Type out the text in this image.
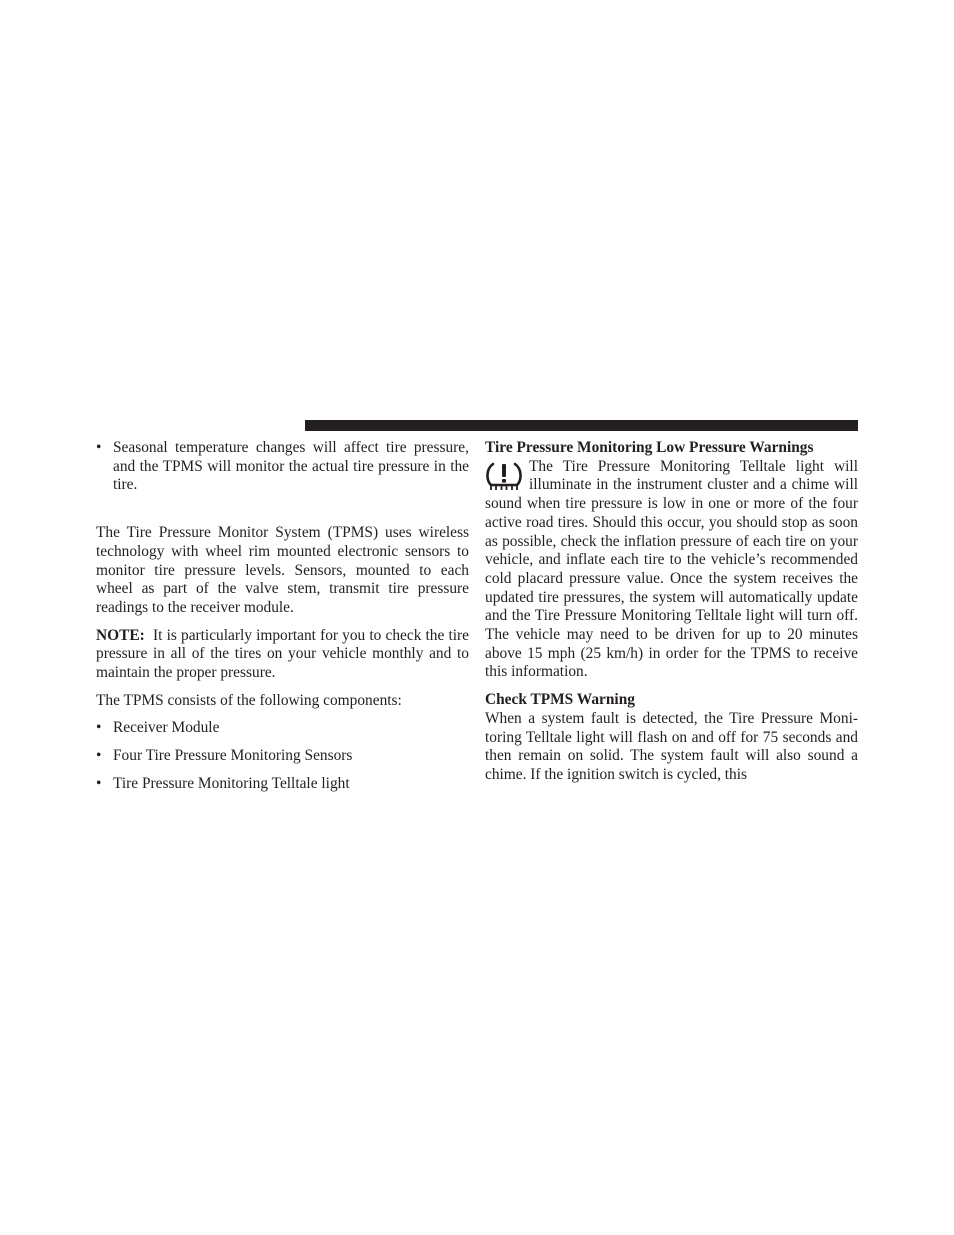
• Seasonal temperature changes will affect tire pressure, and the TPMS will monitor the actual tire pressure in the tire.

The Tire Pressure Monitor System (TPMS) uses wireless technology with wheel rim mounted electronic sensors to monitor tire pressure levels. Sensors, mounted to each wheel as part of the valve stem, transmit tire pressure readings to the receiver module.

NOTE: It is particularly important for you to check the tire pressure in all of the tires on your vehicle monthly and to maintain the proper pressure.

The TPMS consists of the following components:

• Receiver Module
• Four Tire Pressure Monitoring Sensors
• Tire Pressure Monitoring Telltale light
Tire Pressure Monitoring Low Pressure Warnings

The Tire Pressure Monitoring Telltale light will illuminate in the instrument cluster and a chime will sound when tire pressure is low in one or more of the four active road tires. Should this occur, you should stop as soon as possible, check the inflation pressure of each tire on your vehicle, and inflate each tire to the vehicle’s recommended cold placard pressure value. Once the system receives the updated tire pressures, the system will automatically update and the Tire Pressure Monitoring Telltale light will turn off. The vehicle may need to be driven for up to 20 minutes above 15 mph (25 km/h) in order for the TPMS to receive this information.

Check TPMS Warning

When a system fault is detected, the Tire Pressure Monitoring Telltale light will flash on and off for 75 seconds and then remain on solid. The system fault will also sound a chime. If the ignition switch is cycled, this
